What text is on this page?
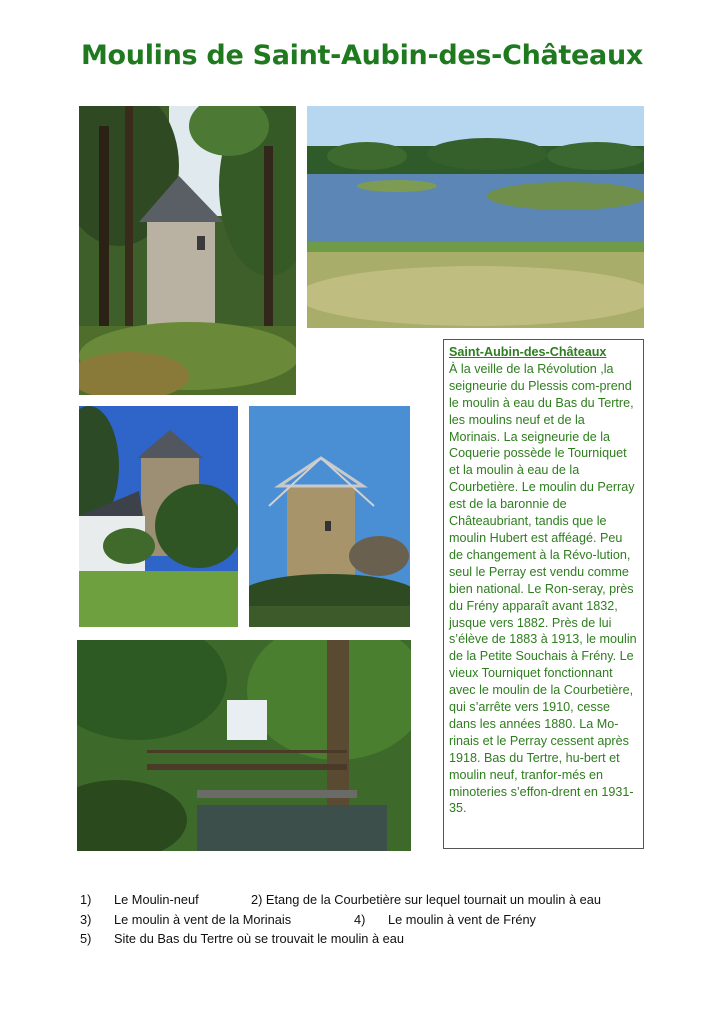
Moulins de Saint-Aubin-des-Châteaux
Saint-Aubin-des-Châteaux
À la veille de la Révolution ,la seigneurie du Plessis com-prend le moulin à eau du Bas du Tertre, les moulins neuf et de la Morinais. La seigneurie de la Coquerie possède le Tourniquet et la moulin à eau de la Courbetière. Le moulin du Perray est de la baronnie de Châteaubriant, tandis que le moulin Hubert est afféagé. Peu de changement à la Révo-lution, seul le Perray est vendu comme bien national. Le Ron-seray, près du Frény apparaît avant 1832, jusque vers 1882. Près de lui s’élève de 1883 à 1913, le moulin de la Petite Souchais à Frény. Le vieux Tourniquet fonctionnant avec le moulin de la Courbetière, qui s’arrête vers 1910, cesse dans les années 1880. La Mo-rinais et le Perray cessent après 1918. Bas du Tertre, hu-bert et moulin neuf, tranfor-més en minoteries s’effon-drent en 1931-35.
1) Le Moulin-neuf	2) Etang de la Courbetière sur lequel tournait un moulin à eau
3) Le moulin à vent de la Morinais	4) Le moulin à vent de Frény
5) Site du Bas du Tertre où se trouvait le moulin à eau
